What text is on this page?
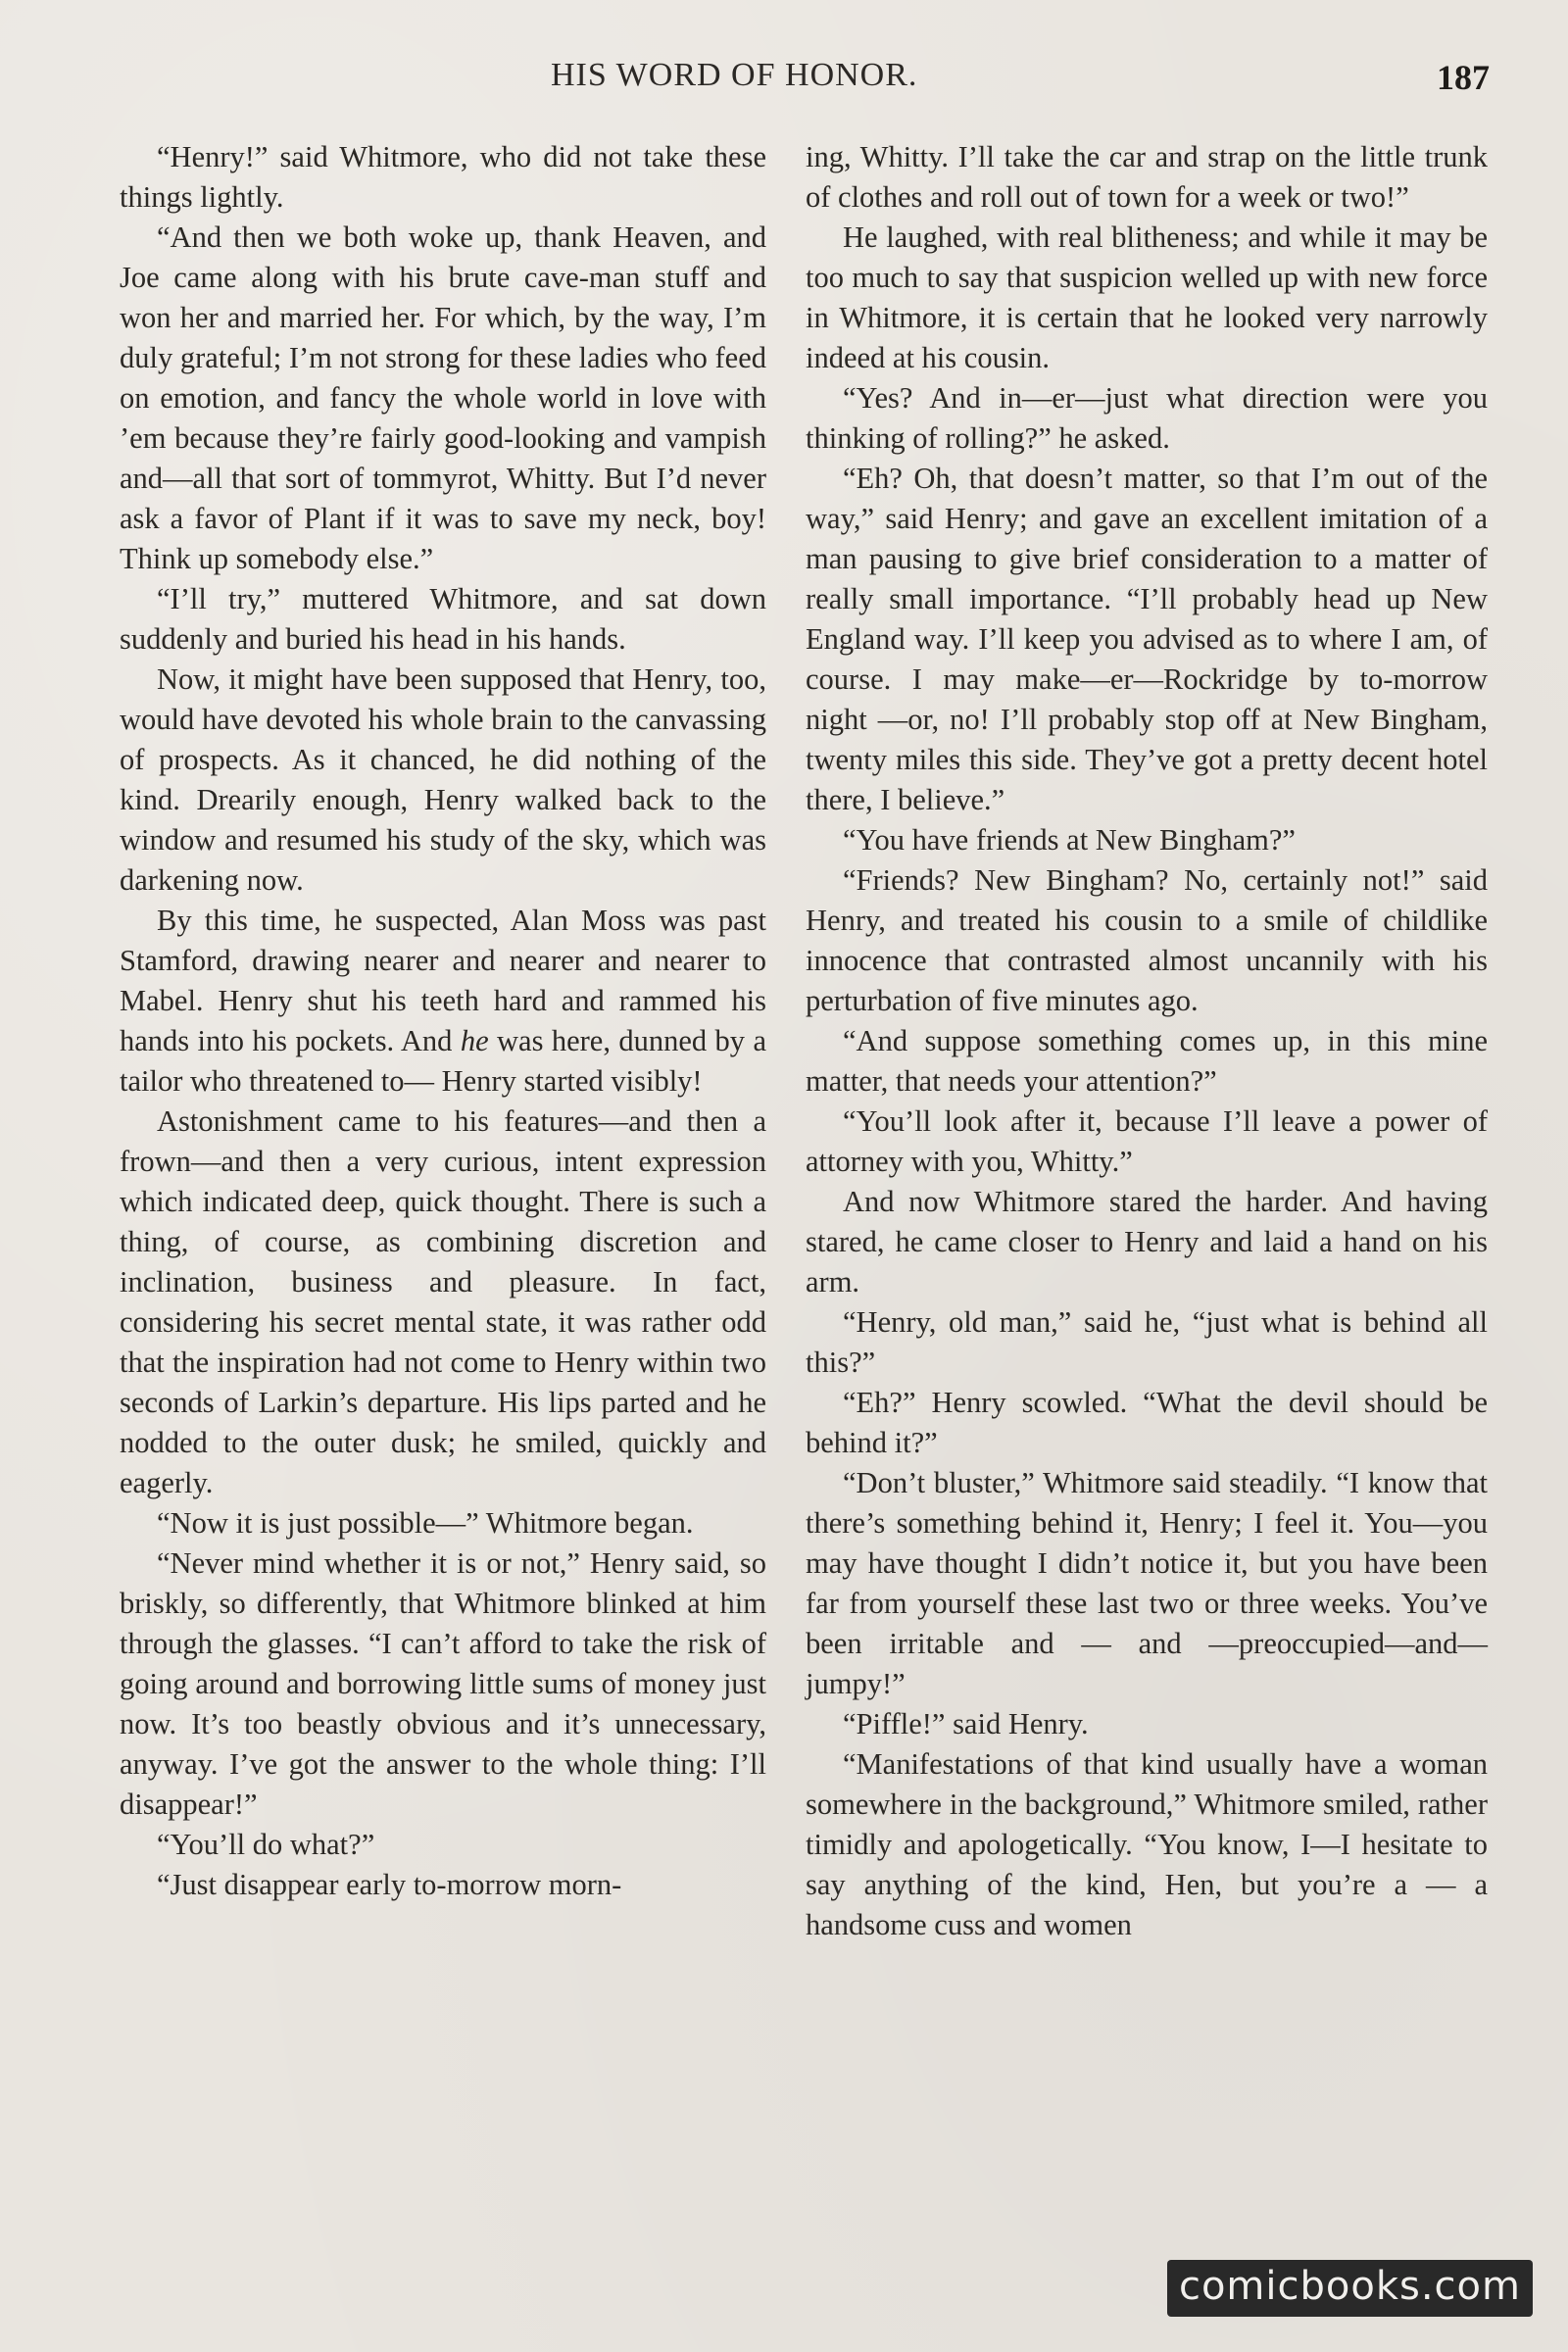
HIS WORD OF HONOR.	187

“Henry!” said Whitmore, who did not take these things lightly.

“And then we both woke up, thank Heaven, and Joe came along with his brute cave-man stuff and won her and married her. For which, by the way, I’m duly grateful; I’m not strong for these ladies who feed on emotion, and fancy the whole world in love with ’em because they’re fairly good-looking and vampish and—all that sort of tommyrot, Whitty. But I’d never ask a favor of Plant if it was to save my neck, boy! Think up somebody else.”

“I’ll try,” muttered Whitmore, and sat down suddenly and buried his head in his hands.

Now, it might have been supposed that Henry, too, would have devoted his whole brain to the canvassing of prospects. As it chanced, he did nothing of the kind. Drearily enough, Henry walked back to the window and resumed his study of the sky, which was darkening now.

By this time, he suspected, Alan Moss was past Stamford, drawing nearer and nearer and nearer to Mabel. Henry shut his teeth hard and rammed his hands into his pockets. And he was here, dunned by a tailor who threatened to— Henry started visibly!

Astonishment came to his features—and then a frown—and then a very curious, intent expression which indicated deep, quick thought. There is such a thing, of course, as combining discretion and inclination, business and pleasure. In fact, considering his secret mental state, it was rather odd that the inspiration had not come to Henry within two seconds of Larkin’s departure. His lips parted and he nodded to the outer dusk; he smiled, quickly and eagerly.

“Now it is just possible—” Whitmore began.

“Never mind whether it is or not,” Henry said, so briskly, so differently, that Whitmore blinked at him through the glasses. “I can’t afford to take the risk of going around and borrowing little sums of money just now. It’s too beastly obvious and it’s unnecessary, anyway. I’ve got the answer to the whole thing: I’ll disappear!”

“You’ll do what?”

“Just disappear early to-morrow morn-

ing, Whitty. I’ll take the car and strap on the little trunk of clothes and roll out of town for a week or two!”

He laughed, with real blitheness; and while it may be too much to say that suspicion welled up with new force in Whitmore, it is certain that he looked very narrowly indeed at his cousin.

“Yes? And in—er—just what direction were you thinking of rolling?” he asked.

“Eh? Oh, that doesn’t matter, so that I’m out of the way,” said Henry; and gave an excellent imitation of a man pausing to give brief consideration to a matter of really small importance. “I’ll probably head up New England way. I’ll keep you advised as to where I am, of course. I may make—er—Rockridge by to-morrow night —or, no! I’ll probably stop off at New Bingham, twenty miles this side. They’ve got a pretty decent hotel there, I believe.”

“You have friends at New Bingham?”

“Friends? New Bingham? No, certainly not!” said Henry, and treated his cousin to a smile of childlike innocence that contrasted almost uncannily with his perturbation of five minutes ago.

“And suppose something comes up, in this mine matter, that needs your attention?”

“You’ll look after it, because I’ll leave a power of attorney with you, Whitty.”

And now Whitmore stared the harder. And having stared, he came closer to Henry and laid a hand on his arm.

“Henry, old man,” said he, “just what is behind all this?”

“Eh?” Henry scowled. “What the devil should be behind it?”

“Don’t bluster,” Whitmore said steadily. “I know that there’s something behind it, Henry; I feel it. You—you may have thought I didn’t notice it, but you have been far from yourself these last two or three weeks. You’ve been irritable and — and —preoccupied—and—jumpy!”

“Piffle!” said Henry.

“Manifestations of that kind usually have a woman somewhere in the background,” Whitmore smiled, rather timidly and apologetically. “You know, I—I hesitate to say anything of the kind, Hen, but you’re a — a handsome cuss and women

comicbooks.com
